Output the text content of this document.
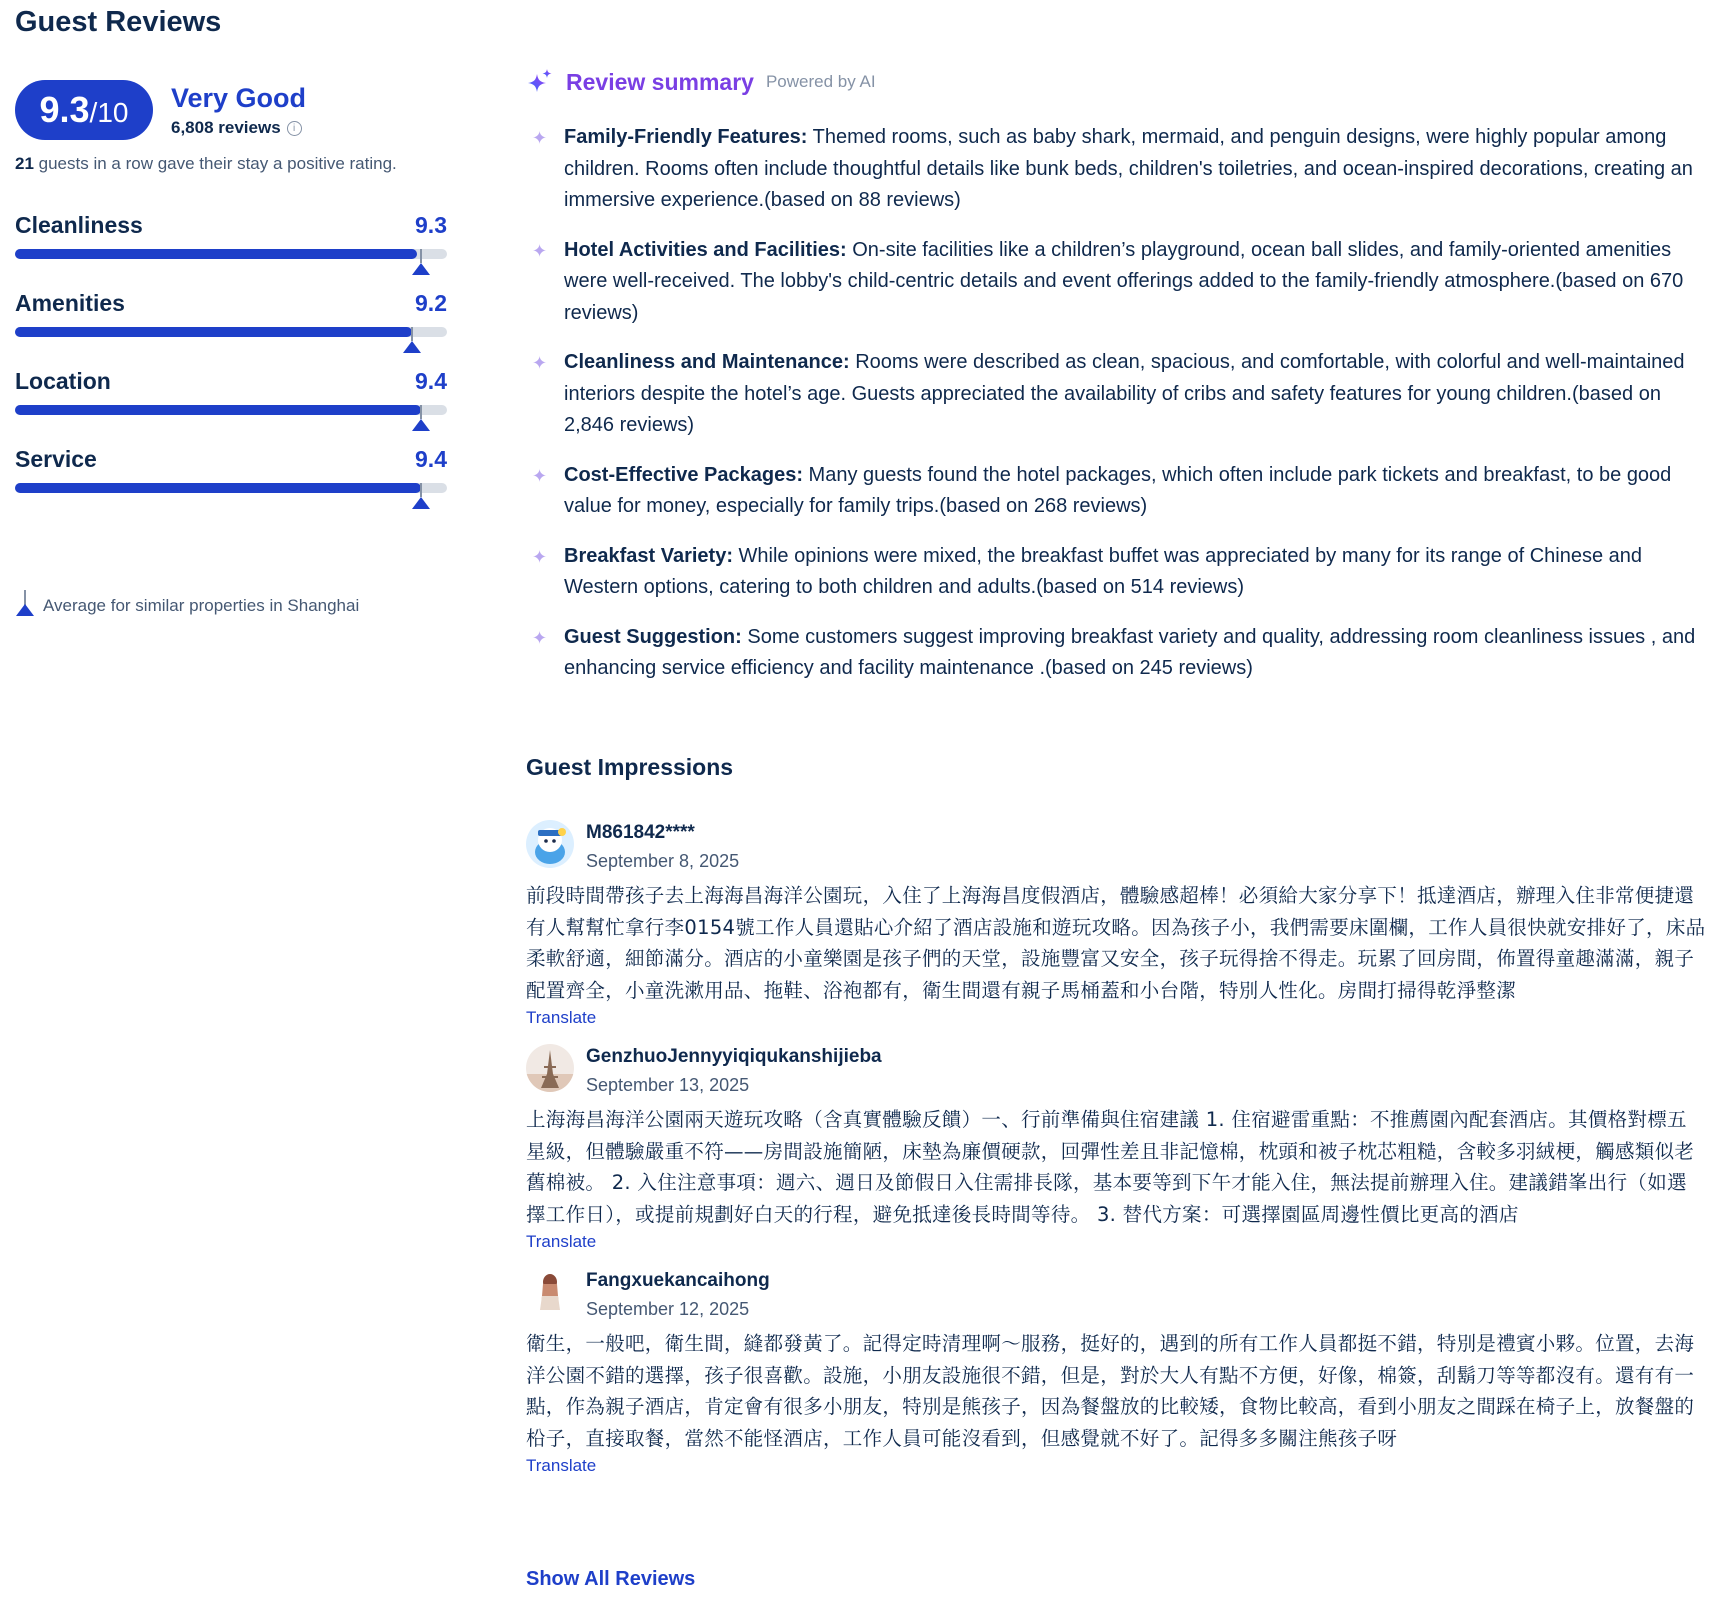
Guest Reviews
9.3 /10 Very Good
6,808 reviews	i
21 guests in a row gave their stay a positive rating.
Cleanliness	9.3
Amenities	9.2
Location	9.4
Service	9.4
Average for similar properties in Shanghai
Review summary Powered by AI
✦ Family-Friendly Features: Themed rooms, such as baby shark, mermaid, and penguin designs, were highly popular among children. Rooms often include thoughtful details like bunk beds, children's toiletries, and ocean-inspired decorations, creating an immersive experience.(based on 88 reviews)
✦ Hotel Activities and Facilities: On-site facilities like a children’s playground, ocean ball slides, and family-oriented amenities were well-received. The lobby's child-centric details and event offerings added to the family-friendly atmosphere.(based on 670 reviews)
✦ Cleanliness and Maintenance: Rooms were described as clean, spacious, and comfortable, with colorful and well-maintained interiors despite the hotel’s age. Guests appreciated the availability of cribs and safety features for young children.(based on 2,846 reviews)
✦ Cost-Effective Packages: Many guests found the hotel packages, which often include park tickets and breakfast, to be good value for money, especially for family trips.(based on 268 reviews)
✦ Breakfast Variety: While opinions were mixed, the breakfast buffet was appreciated by many for its range of Chinese and Western options, catering to both children and adults.(based on 514 reviews)
✦ Guest Suggestion: Some customers suggest improving breakfast variety and quality, addressing room cleanliness issues , and enhancing service efficiency and facility maintenance .(based on 245 reviews)
Guest Impressions
M861842****
September 8, 2025
前段時間帶孩子去上海海昌海洋公園玩，入住了上海海昌度假酒店，體驗感超棒！必須給大家分享下！抵達酒店，辦理入住非常便捷還有人幫幫忙拿行李0154號工作人員還貼心介紹了酒店設施和遊玩攻略。因為孩子小，我們需要床圍欄，工作人員很快就安排好了，床品柔軟舒適，細節滿分。酒店的小童樂園是孩子們的天堂，設施豐富又安全，孩子玩得捨不得走。玩累了回房間，佈置得童趣滿滿，親子配置齊全，小童洗漱用品、拖鞋、浴袍都有，衛生間還有親子馬桶蓋和小台階，特別人性化。房間打掃得乾淨整潔
Translate
GenzhuoJennyyiqiqukanshijieba
September 13, 2025
上海海昌海洋公園兩天遊玩攻略（含真實體驗反饋）一、行前準備與住宿建議 1. 住宿避雷重點：不推薦園內配套酒店。其價格對標五星級，但體驗嚴重不符——房間設施簡陋，床墊為廉價硬款，回彈性差且非記憶棉，枕頭和被子枕芯粗糙，含較多羽絨梗，觸感類似老舊棉被。 2. 入住注意事項：週六、週日及節假日入住需排長隊，基本要等到下午才能入住，無法提前辦理入住。建議錯峯出行（如選擇工作日），或提前規劃好白天的行程，避免抵達後長時間等待。 3. 替代方案：可選擇園區周邊性價比更高的酒店
Translate
Fangxuekancaihong
September 12, 2025
衛生，一般吧，衛生間，縫都發黃了。記得定時清理啊～服務，挺好的，遇到的所有工作人員都挺不錯，特別是禮賓小夥。位置，去海洋公園不錯的選擇，孩子很喜歡。設施，小朋友設施很不錯，但是，對於大人有點不方便，好像，棉簽，刮鬍刀等等都沒有。還有有一點，作為親子酒店，肯定會有很多小朋友，特別是熊孩子，因為餐盤放的比較矮，食物比較高，看到小朋友之間踩在椅子上，放餐盤的柗子，直接取餐，當然不能怪酒店，工作人員可能沒看到，但感覺就不好了。記得多多關注熊孩子呀
Translate
Show All Reviews
